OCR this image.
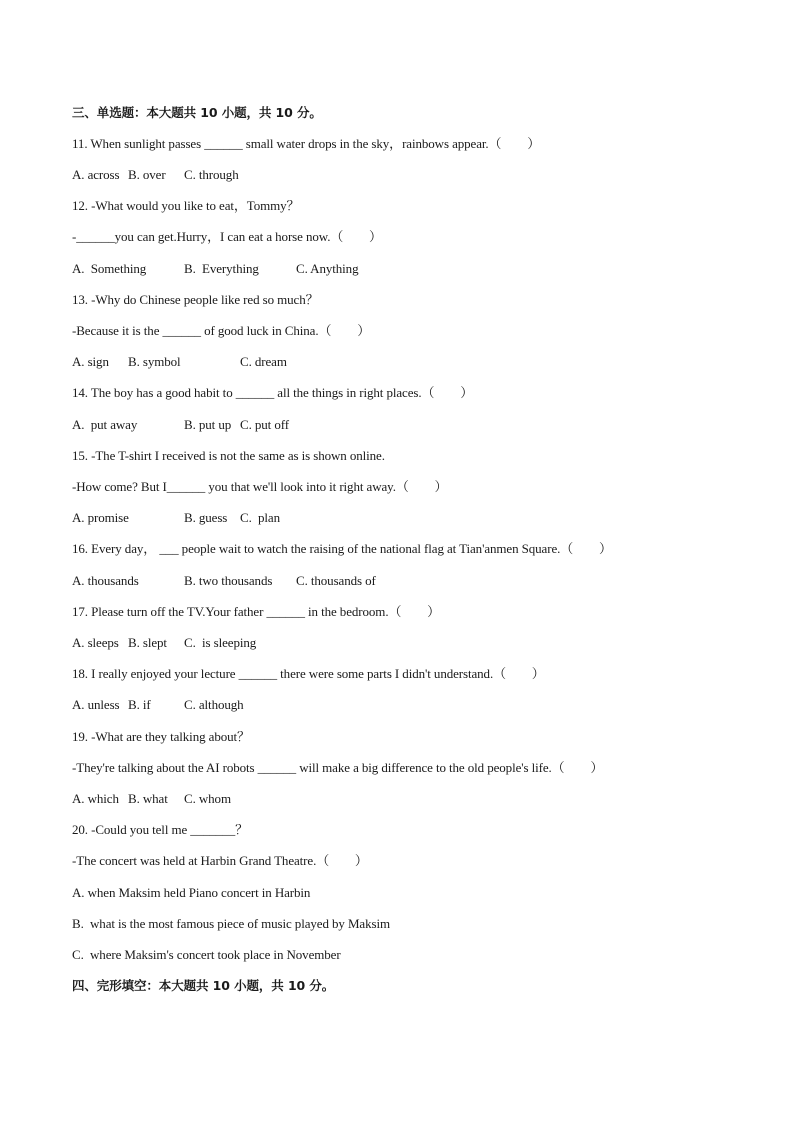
三、单选题：本大题共 10 小题，共 10 分。
11. When sunlight passes ______ small water drops in the sky，rainbows appear.（　　）
A. across B. over C. through
12. -What would you like to eat，Tommy？
-______you can get.Hurry，I can eat a horse now.（　　）
A.  Something	B.  Everything	C. Anything
13. -Why do Chinese people like red so much？
-Because it is the ______ of good luck in China.（　　）
A. sign B. symbol	C. dream
14. The boy has a good habit to ______ all the things in right places.（　　）
A.  put away	B. put up C. put off
15. -The T-shirt I received is not the same as is shown online.
-How come? But I______ you that we'll look into it right away.（　　）
A. promise	B. guess C.  plan
16. Every day， ___ people wait to watch the raising of the national flag at Tian'anmen Square.（　　）
A. thousands	B. two thousands C. thousands of
17. Please turn off the TV.Your father ______ in the bedroom.（　　）
A. sleeps B. slept C.  is sleeping
18. I really enjoyed your lecture ______ there were some parts I didn't understand.（　　）
A. unless B. if	C. although
19. -What are they talking about？
-They're talking about the AI robots ______ will make a big difference to the old people's life.（　　）
A. which B. what C. whom
20. -Could you tell me _______？
-The concert was held at Harbin Grand Theatre.（　　）
A. when Maksim held Piano concert in Harbin
B.  what is the most famous piece of music played by Maksim
C.  where Maksim's concert took place in November
四、完形填空：本大题共 10 小题，共 10 分。
